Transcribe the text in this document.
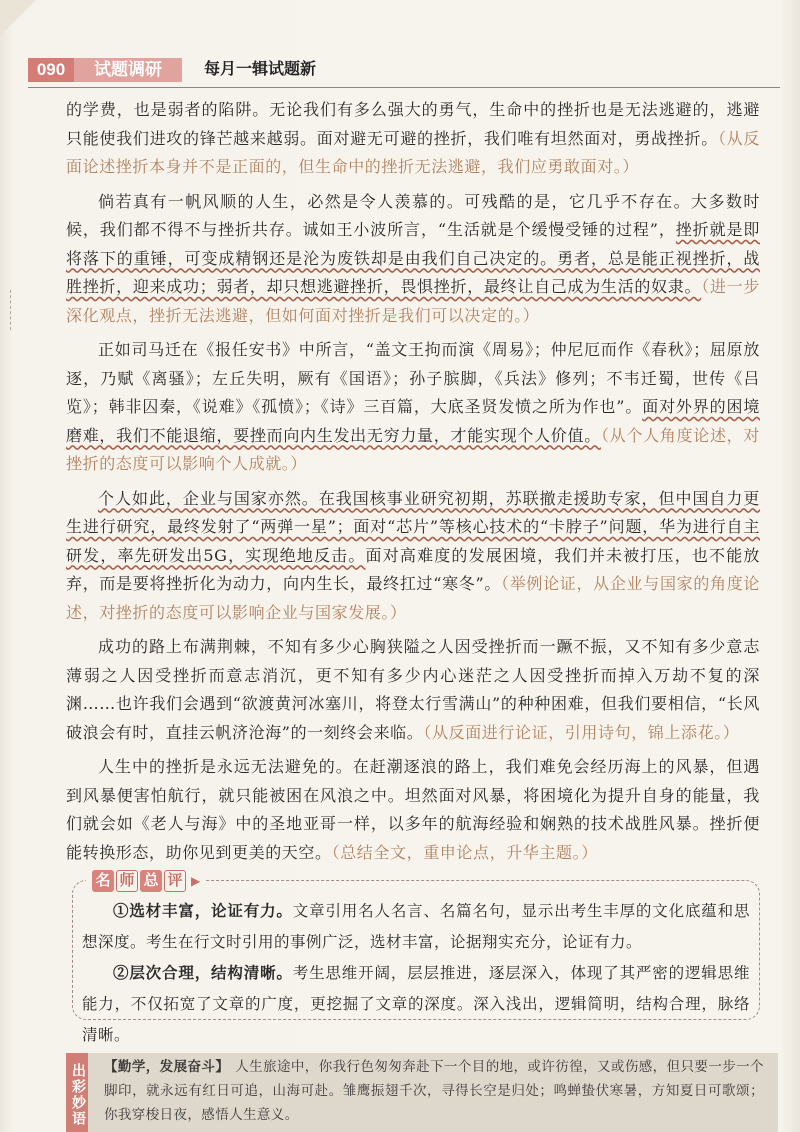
090	试题调研	每月一辑试题新

的学费，也是弱者的陷阱。无论我们有多么强大的勇气，生命中的挫折也是无法逃避的，逃避只能使我们进攻的锋芒越来越弱。面对避无可避的挫折，我们唯有坦然面对，勇战挫折。（从反面论述挫折本身并不是正面的，但生命中的挫折无法逃避，我们应勇敢面对。）

倘若真有一帆风顺的人生，必然是令人羡慕的。可残酷的是，它几乎不存在。大多数时候，我们都不得不与挫折共存。诚如王小波所言，“生活就是个缓慢受锤的过程”，挫折就是即将落下的重锤，可变成精钢还是沦为废铁却是由我们自己决定的。勇者，总是能正视挫折，战胜挫折，迎来成功；弱者，却只想逃避挫折，畏惧挫折，最终让自己成为生活的奴隶。（进一步深化观点，挫折无法逃避，但如何面对挫折是我们可以决定的。）

正如司马迁在《报任安书》中所言，“盖文王拘而演《周易》；仲尼厄而作《春秋》；屈原放逐，乃赋《离骚》；左丘失明，厥有《国语》；孙子膑脚，《兵法》修列；不韦迁蜀，世传《吕览》；韩非囚秦，《说难》《孤愤》；《诗》三百篇，大底圣贤发愤之所为作也”。面对外界的困境磨难，我们不能退缩，要挫而向内生发出无穷力量，才能实现个人价值。（从个人角度论述，对挫折的态度可以影响个人成就。）

个人如此，企业与国家亦然。在我国核事业研究初期，苏联撤走援助专家，但中国自力更生进行研究，最终发射了“两弹一星”；面对“芯片”等核心技术的“卡脖子”问题，华为进行自主研发，率先研发出5G，实现绝地反击。面对高难度的发展困境，我们并未被打压，也不能放弃，而是要将挫折化为动力，向内生长，最终扛过“寒冬”。（举例论证，从企业与国家的角度论述，对挫折的态度可以影响企业与国家发展。）

成功的路上布满荆棘，不知有多少心胸狭隘之人因受挫折而一蹶不振，又不知有多少意志薄弱之人因受挫折而意志消沉，更不知有多少内心迷茫之人因受挫折而掉入万劫不复的深渊……也许我们会遇到“欲渡黄河冰塞川，将登太行雪满山”的种种困难，但我们要相信，“长风破浪会有时，直挂云帆济沧海”的一刻终会来临。（从反面进行论证，引用诗句，锦上添花。）

人生中的挫折是永远无法避免的。在赶潮逐浪的路上，我们难免会经历海上的风暴，但遇到风暴便害怕航行，就只能被困在风浪之中。坦然面对风暴，将困境化为提升自身的能量，我们就会如《老人与海》中的圣地亚哥一样，以多年的航海经验和娴熟的技术战胜风暴。挫折便能转换形态，助你见到更美的天空。（总结全文，重申论点，升华主题。）

名 师 总 评 ▶

①选材丰富，论证有力。文章引用名人名言、名篇名句，显示出考生丰厚的文化底蕴和思想深度。考生在行文时引用的事例广泛，选材丰富，论据翔实充分，论证有力。

②层次合理，结构清晰。考生思维开阔，层层推进，逐层深入，体现了其严密的逻辑思维能力，不仅拓宽了文章的广度，更挖掘了文章的深度。深入浅出，逻辑简明，结构合理，脉络清晰。

出彩妙语 【勤学，发展奋斗】 人生旅途中，你我行色匆匆奔赴下一个目的地，或许彷徨，又或伤感，但只要一步一个脚印，就永远有红日可追，山海可赴。雏鹰振翅千次，寻得长空是归处；鸣蝉蛰伏寒暑，方知夏日可歌颂；你我穿梭日夜，感悟人生意义。
